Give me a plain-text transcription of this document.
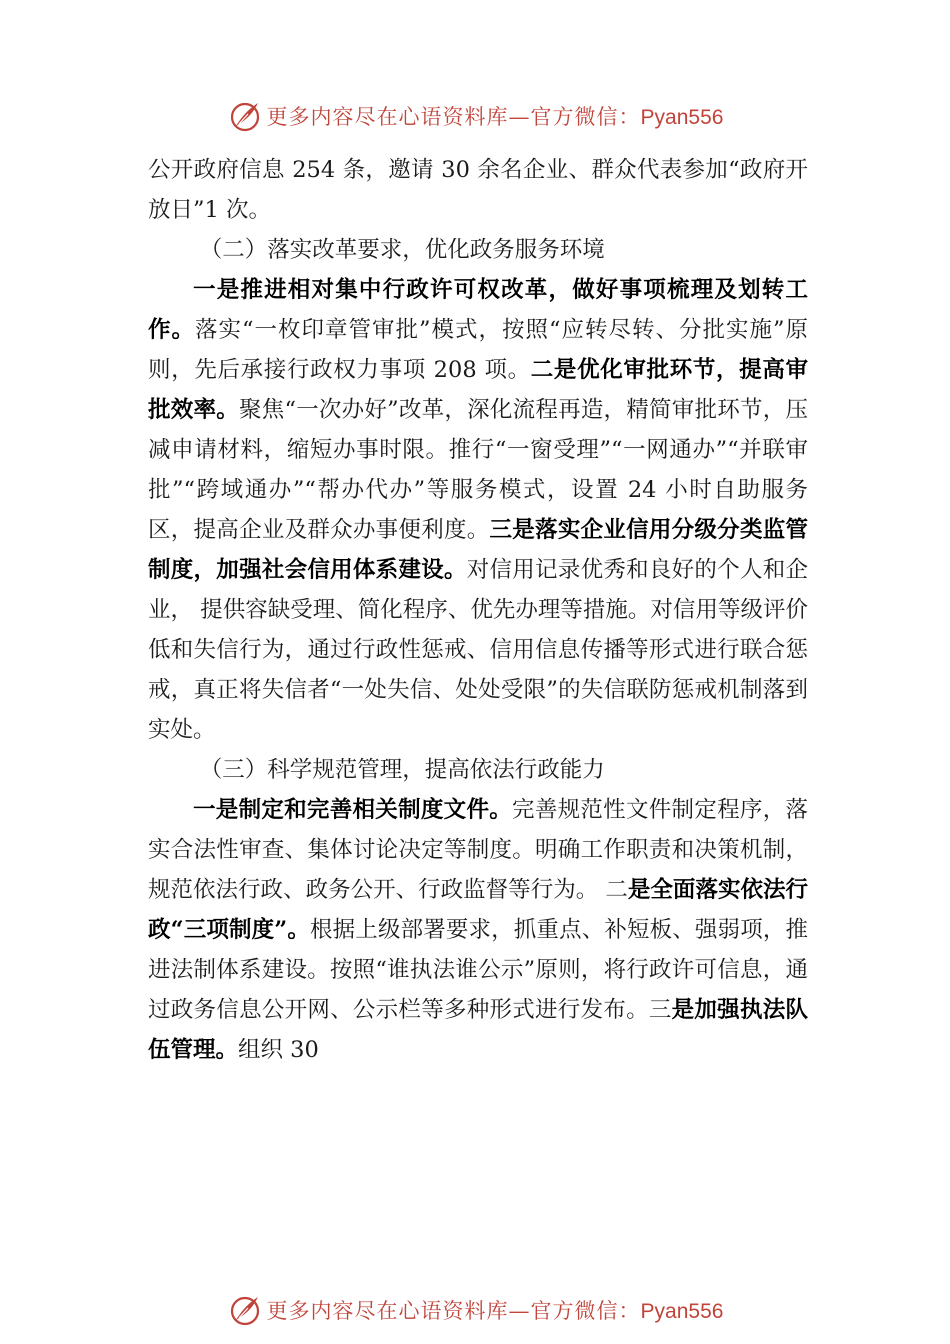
更多内容尽在心语资料库—官方微信：Pyan556

公开政府信息 254 条，邀请 30 余名企业、群众代表参加“政府开放日”1 次。

（二）落实改革要求，优化政务服务环境

一是推进相对集中行政许可权改革，做好事项梳理及划转工作。落实“一枚印章管审批”模式，按照“应转尽转、分批实施”原则，先后承接行政权力事项 208 项。二是优化审批环节，提高审批效率。聚焦“一次办好”改革，深化流程再造，精简审批环节，压减申请材料，缩短办事时限。推行“一窗受理”“一网通办”“并联审批”“跨域通办”“帮办代办”等服务模式，设置 24 小时自助服务区，提高企业及群众办事便利度。三是落实企业信用分级分类监管制度，加强社会信用体系建设。对信用记录优秀和良好的个人和企业， 提供容缺受理、简化程序、优先办理等措施。对信用等级评价低和失信行为，通过行政性惩戒、信用信息传播等形式进行联合惩戒，真正将失信者“一处失信、处处受限”的失信联防惩戒机制落到实处。

（三）科学规范管理，提高依法行政能力

一是制定和完善相关制度文件。完善规范性文件制定程序，落实合法性审查、集体讨论决定等制度。明确工作职责和决策机制，规范依法行政、政务公开、行政监督等行为。 二是全面落实依法行政“三项制度”。根据上级部署要求，抓重点、补短板、强弱项，推进法制体系建设。按照“谁执法谁公示”原则，将行政许可信息，通过政务信息公开网、公示栏等多种形式进行发布。三是加强执法队伍管理。组织 30

更多内容尽在心语资料库—官方微信：Pyan556
